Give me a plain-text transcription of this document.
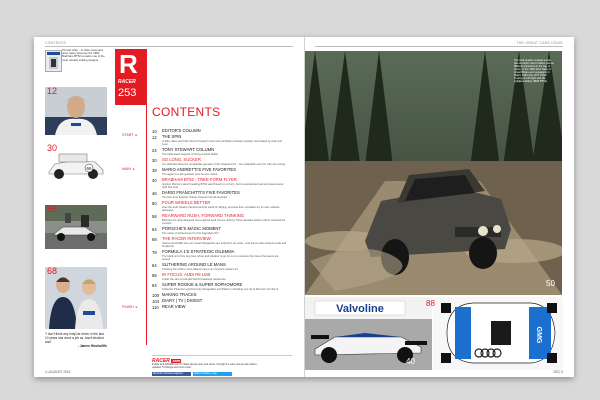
CONTENTS	THE GREAT CARS ISSUE
Tilt and whip... in other news and other sales schemes the 1983 Brabham BT52 remains one of the most visually striking designs.
12
66
30
58
68
"I don't think any IndyCar driver in the last 10 years has done a job as Josef decided was"
- James Hinchcliffe
R
RACER
253
START ▸
MAIN ▸
FINISH ▸
CONTENTS
10	EDITOR'S COLUMN
12	THE SPIN
In little vales we'll hide doesn't beauty's and more ad fabber answers replace, dominated by Audi and Leon
24	TONY STEWART COLUMN
The bittersweet aspects of being a ticket dealer
30	SO LONG, SUCKER
Jim Hall describes the remarkable genesis of the Chaparral 2J - 'too outlandish even for Can-Am racing'
38	MARIO ANDRETTI'S FIVE FAVORITES
The legend on the greatest cars he ever raced
40	BRABHAM BT52 - TREE-FORM FLYER
Gordon Murray's sketch leading BT52 was Piquet's in a hurry, but its spectacular look and speed were right first time
46	DARIO FRANCHITTI'S FIVE FAVORITES
The four-time IndyCar champ chooses his fab favorites
50	FOUR WHEELS BETTER
How the Audi Quattro transformed the world of rallying, and was then overtaken by its own ruthless advances
58	REARWARD RUSH, FORWARD THINKING
Bold but the ultra-designed rear-engined Audi Corvus Johnny Three decades before others revisited the concept
64	PORSCHE'S MAGIC MOMENT
The value of achievement for the legendary 917
68	THE RACER INTERVIEW:
James Hinchcliffe sits your Josef Newgarden are IndyCar's top stars - and they're also bestest rivals and breakouts
78	FORMULA 1'S STRATEGIC DILEMMA
The blank art of tire deg how, when and whether to go for out or preserve first. Even the teams are unsure
84	SLITHERING AROUND LE MANS
Tracking the GTE's cross-Atlantic rise to an innocent sweet's lot
88	IN FOCUS: AUDI R8 LMS
Under the skin of a Road World Challenge parasonite
94	SUPER ROOKIE & SUPER SOPHOMORE
Schleuter Pinkerton and first Indy Newgarden and Pattin in shocking one Ah at Elc Fent of Indie Is
100 MAKING TRACKS
104 DIARY | TV | DIGEST
110 REAR VIEW
RACER .com
Follow and RACER.com for latest racing news and views, through the team and go-site-writers, updated 70 listings and much more.
facebook.com/racermagazine	twitter.com/racer_mag
50
The Audi Quattro created a look that all others had to follow. Hannu Mikkola (pictured) on his way to victory in the 1982 RAC Rally of Great Britain and campaigns in Brazil, 1983 (the 1977 Pirelli Trophy) at full flight with the Ljubljana Rallye (BM9 BT52)
Valvoline
40
GMG
88
4 | AUGUST 2016	253 | 5
